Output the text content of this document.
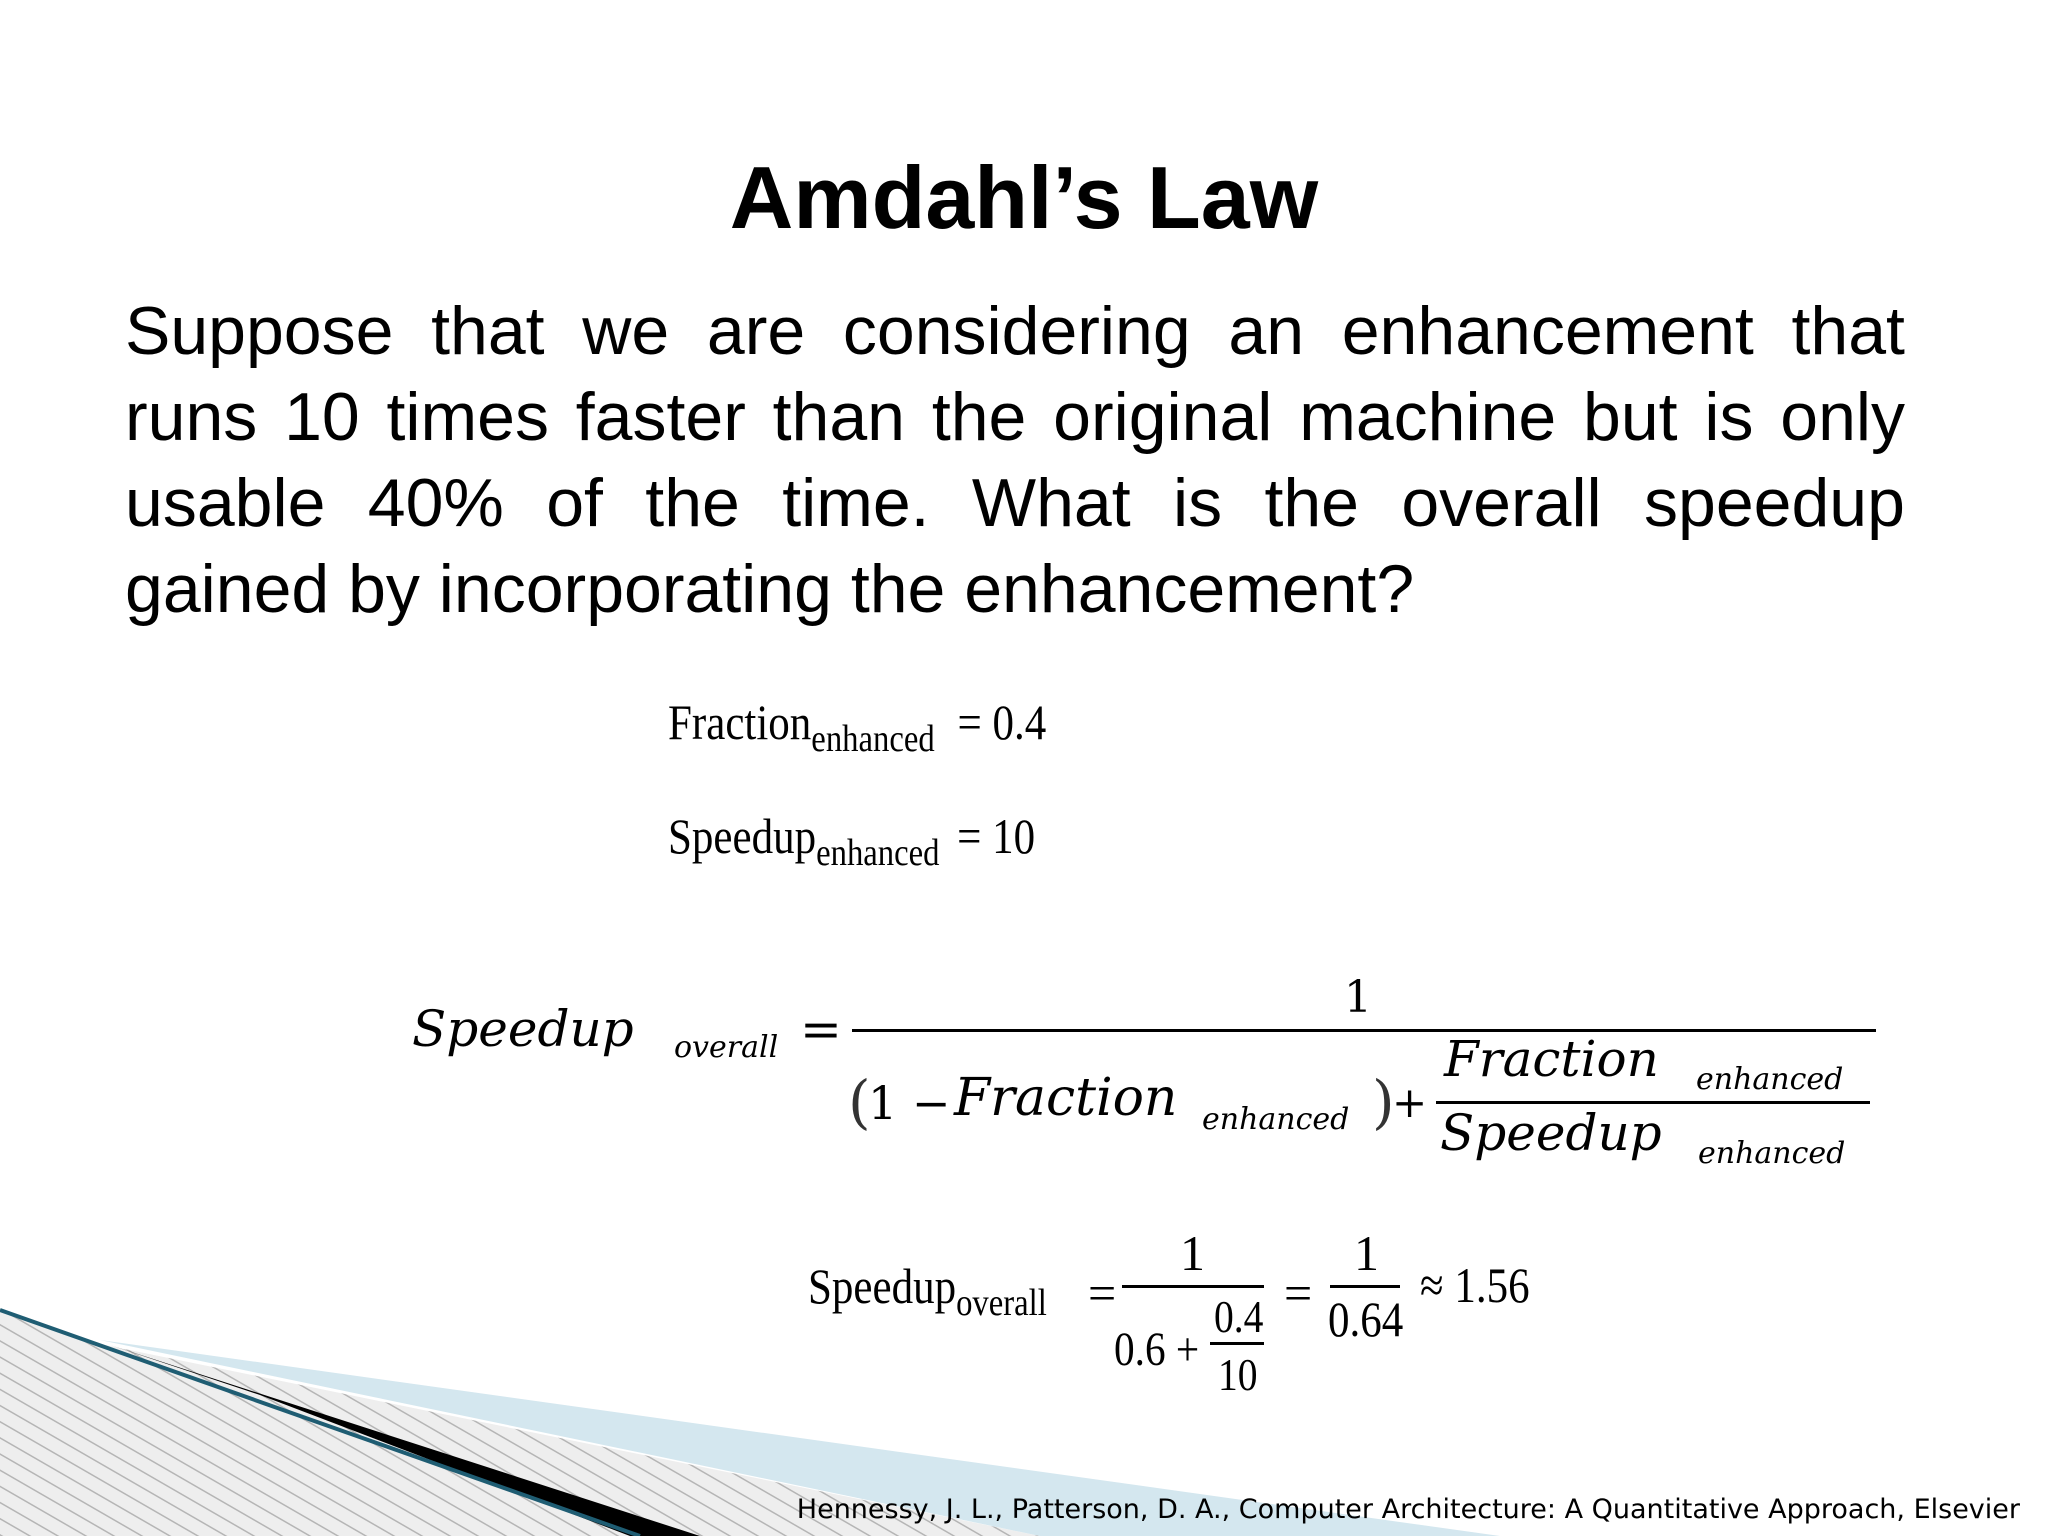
Amdahl’s Law
Suppose that we are considering an enhancement that
runs 10 times faster than the original machine but is only
usable 40% of the time. What is the overall speedup
gained by incorporating the enhancement?
Fraction$_{enhanced}$ = 0.4
Speedup$_{enhanced}$ = 10
Speedup overall =
1
(
1 − Fraction enhanced )
+
Fraction enhanced
Speedup enhanced
Speedup$_{overall}$ =
1
0.6 +
0.4
10
=
1
0.64
≈ 1.56
Hennessy, J. L., Patterson, D. A., Computer Architecture: A Quantitative Approach, Elsevier
